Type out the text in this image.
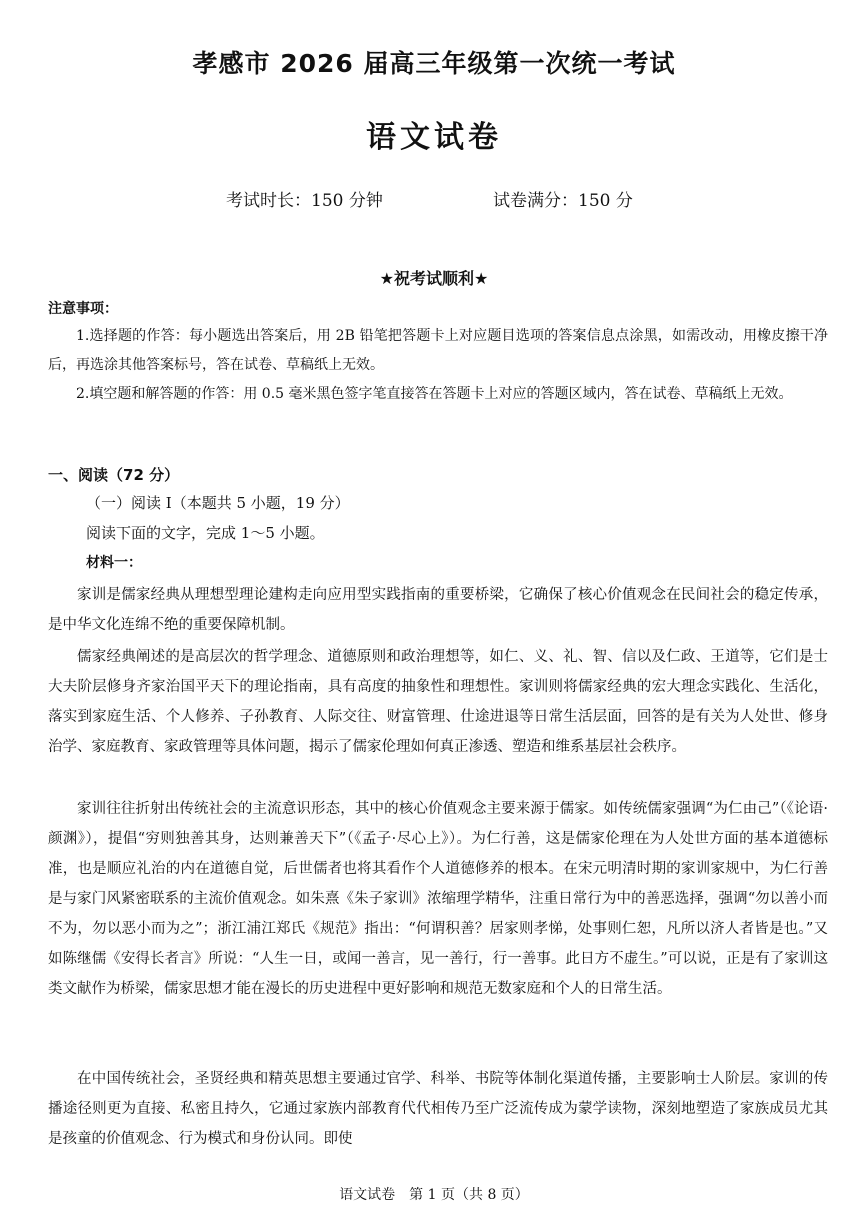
孝感市 2026 届高三年级第一次统一考试
语文试卷
考试时长：150 分钟	试卷满分：150 分
★祝考试顺利★
注意事项：
1.选择题的作答：每小题选出答案后，用 2B 铅笔把答题卡上对应题目选项的答案信息点涂黑，如需改动，用橡皮擦干净后，再选涂其他答案标号，答在试卷、草稿纸上无效。
2.填空题和解答题的作答：用 0.5 毫米黑色签字笔直接答在答题卡上对应的答题区域内，答在试卷、草稿纸上无效。
一、阅读（72 分）
（一）阅读 Ⅰ（本题共 5 小题，19 分）
阅读下面的文字，完成 1～5 小题。
材料一：
家训是儒家经典从理想型理论建构走向应用型实践指南的重要桥梁，它确保了核心价值观念在民间社会的稳定传承，是中华文化连绵不绝的重要保障机制。
儒家经典阐述的是高层次的哲学理念、道德原则和政治理想等，如仁、义、礼、智、信以及仁政、王道等，它们是士大夫阶层修身齐家治国平天下的理论指南，具有高度的抽象性和理想性。家训则将儒家经典的宏大理念实践化、生活化，落实到家庭生活、个人修养、子孙教育、人际交往、财富管理、仕途进退等日常生活层面，回答的是有关为人处世、修身治学、家庭教育、家政管理等具体问题，揭示了儒家伦理如何真正渗透、塑造和维系基层社会秩序。
家训往往折射出传统社会的主流意识形态，其中的核心价值观念主要来源于儒家。如传统儒家强调“为仁由己”（《论语·颜渊》），提倡“穷则独善其身，达则兼善天下”（《孟子·尽心上》）。为仁行善，这是儒家伦理在为人处世方面的基本道德标准，也是顺应礼治的内在道德自觉，后世儒者也将其看作个人道德修养的根本。在宋元明清时期的家训家规中，为仁行善是与家门风紧密联系的主流价值观念。如朱熹《朱子家训》浓缩理学精华，注重日常行为中的善恶选择，强调“勿以善小而不为，勿以恶小而为之”；浙江浦江郑氏《规范》指出：“何谓积善？居家则孝悌，处事则仁恕，凡所以济人者皆是也。”又如陈继儒《安得长者言》所说：“人生一日，或闻一善言，见一善行，行一善事。此日方不虚生。”可以说，正是有了家训这类文献作为桥梁，儒家思想才能在漫长的历史进程中更好影响和规范无数家庭和个人的日常生活。
在中国传统社会，圣贤经典和精英思想主要通过官学、科举、书院等体制化渠道传播，主要影响士人阶层。家训的传播途径则更为直接、私密且持久，它通过家族内部教育代代相传乃至广泛流传成为蒙学读物，深刻地塑造了家族成员尤其是孩童的价值观念、行为模式和身份认同。即使
语文试卷　第 1 页（共 8 页）
